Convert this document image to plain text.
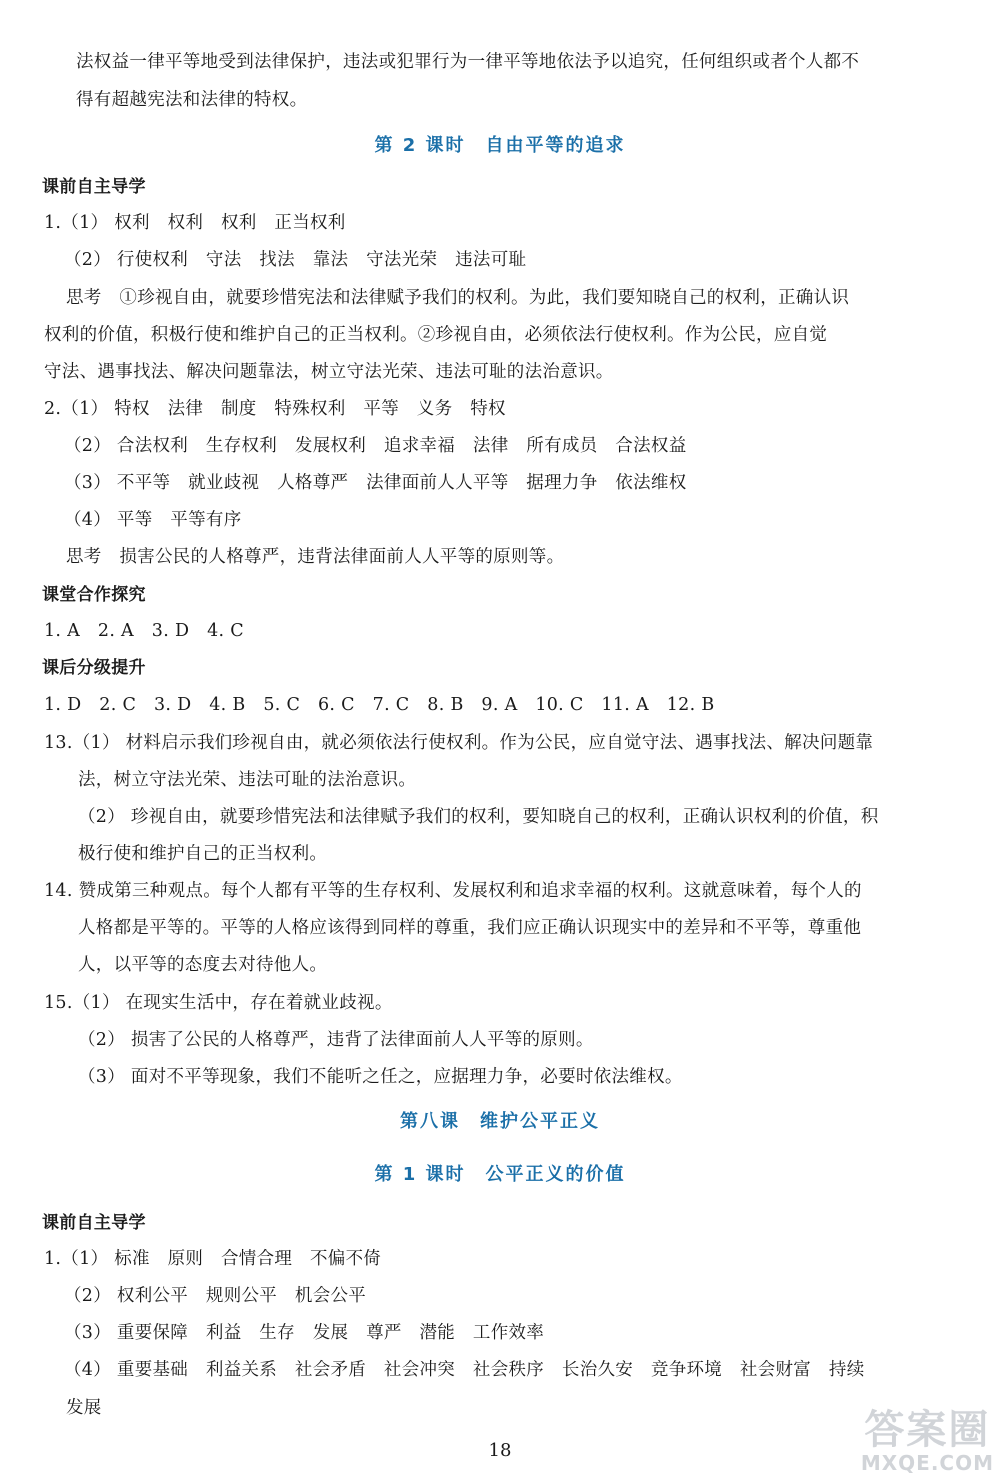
法权益一律平等地受到法律保护，违法或犯罪行为一律平等地依法予以追究，任何组织或者个人都不
得有超越宪法和法律的特权。
第 2 课时　自由平等的追求
课前自主导学
1.（1） 权利　权利　权利　正当权利
（2） 行使权利　守法　找法　靠法　守法光荣　违法可耻
思考　①珍视自由，就要珍惜宪法和法律赋予我们的权利。为此，我们要知晓自己的权利，正确认识
权利的价值，积极行使和维护自己的正当权利。②珍视自由，必须依法行使权利。作为公民，应自觉
守法、遇事找法、解决问题靠法，树立守法光荣、违法可耻的法治意识。
2.（1） 特权　法律　制度　特殊权利　平等　义务　特权
（2） 合法权利　生存权利　发展权利　追求幸福　法律　所有成员　合法权益
（3） 不平等　就业歧视　人格尊严　法律面前人人平等　据理力争　依法维权
（4） 平等　平等有序
思考　损害公民的人格尊严，违背法律面前人人平等的原则等。
课堂合作探究
1. A　2. A　3. D　4. C
课后分级提升
1. D　2. C　3. D　4. B　5. C　6. C　7. C　8. B　9. A　10. C　11. A　12. B
13.（1） 材料启示我们珍视自由，就必须依法行使权利。作为公民，应自觉守法、遇事找法、解决问题靠
法，树立守法光荣、违法可耻的法治意识。
（2） 珍视自由，就要珍惜宪法和法律赋予我们的权利，要知晓自己的权利，正确认识权利的价值，积
极行使和维护自己的正当权利。
14. 赞成第三种观点。每个人都有平等的生存权利、发展权利和追求幸福的权利。这就意味着，每个人的
人格都是平等的。平等的人格应该得到同样的尊重，我们应正确认识现实中的差异和不平等，尊重他
人，以平等的态度去对待他人。
15.（1） 在现实生活中，存在着就业歧视。
（2） 损害了公民的人格尊严，违背了法律面前人人平等的原则。
（3） 面对不平等现象，我们不能听之任之，应据理力争，必要时依法维权。
第八课　维护公平正义
第 1 课时　公平正义的价值
课前自主导学
1.（1） 标准　原则　合情合理　不偏不倚
（2） 权利公平　规则公平　机会公平
（3） 重要保障　利益　生存　发展　尊严　潜能　工作效率
（4） 重要基础　利益关系　社会矛盾　社会冲突　社会秩序　长治久安　竞争环境　社会财富　持续
发展
18	答案圈
MXQE.COM
